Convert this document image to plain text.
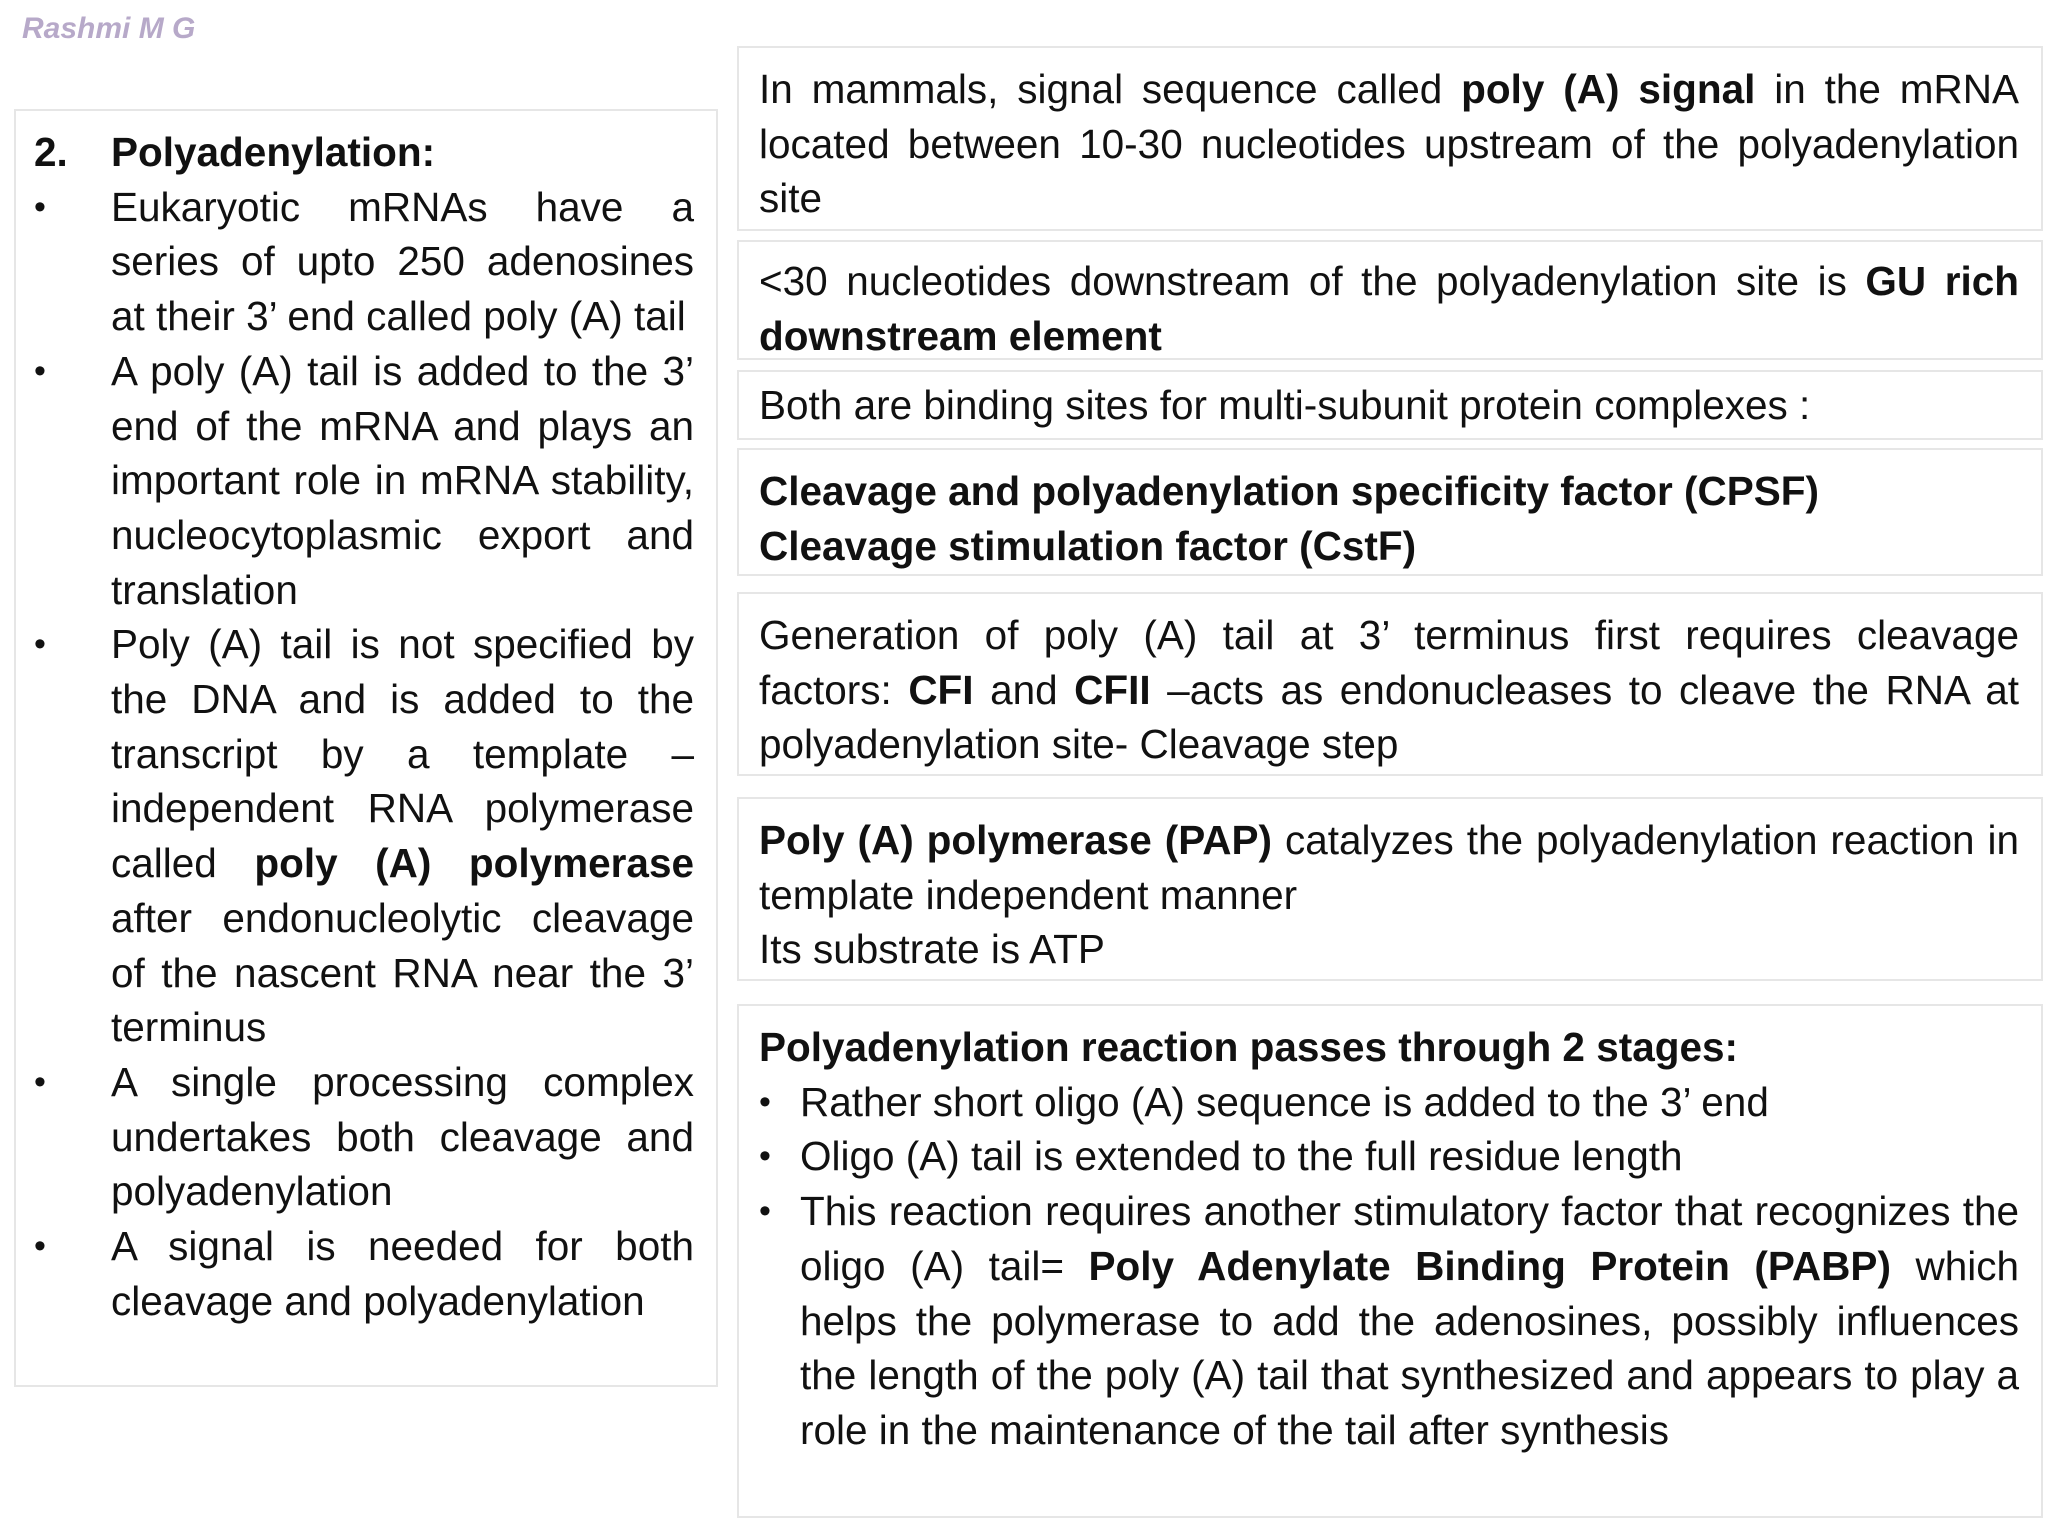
Rashmi M G
2.	Polyadenylation:
•	Eukaryotic mRNAs have a series of upto 250 adenosines at their 3’ end called poly (A) tail
•	A poly (A) tail is added to the 3’ end of the mRNA and plays an important role in mRNA stability, nucleocytoplasmic export and translation
•	Poly (A) tail is not specified by the DNA and is added to the transcript by a template –independent RNA polymerase called poly (A) polymerase after endonucleolytic cleavage of the nascent RNA near the 3’ terminus
•	A single processing complex undertakes both cleavage and polyadenylation
•	A signal is needed for both cleavage and polyadenylation
In mammals, signal sequence called poly (A) signal in the mRNA located between 10-30 nucleotides upstream of the polyadenylation site
<30 nucleotides downstream of the polyadenylation site is GU rich downstream element
Both are binding sites for multi-subunit protein complexes :
Cleavage and polyadenylation specificity factor (CPSF)
Cleavage stimulation factor (CstF)
Generation of poly (A) tail at 3’ terminus first requires cleavage factors: CFI and CFII –acts as endonucleases to cleave the RNA at polyadenylation site- Cleavage step
Poly (A) polymerase (PAP) catalyzes the polyadenylation reaction in template independent manner
Its substrate is ATP
Polyadenylation reaction passes through 2 stages:
• Rather short oligo (A) sequence is added to the 3’ end
• Oligo (A) tail is extended to the full residue length
• This reaction requires another stimulatory factor that recognizes the oligo (A) tail= Poly Adenylate Binding Protein (PABP) which helps the polymerase to add the adenosines, possibly influences the length of the poly (A) tail that synthesized and appears to play a role in the maintenance of the tail after synthesis
